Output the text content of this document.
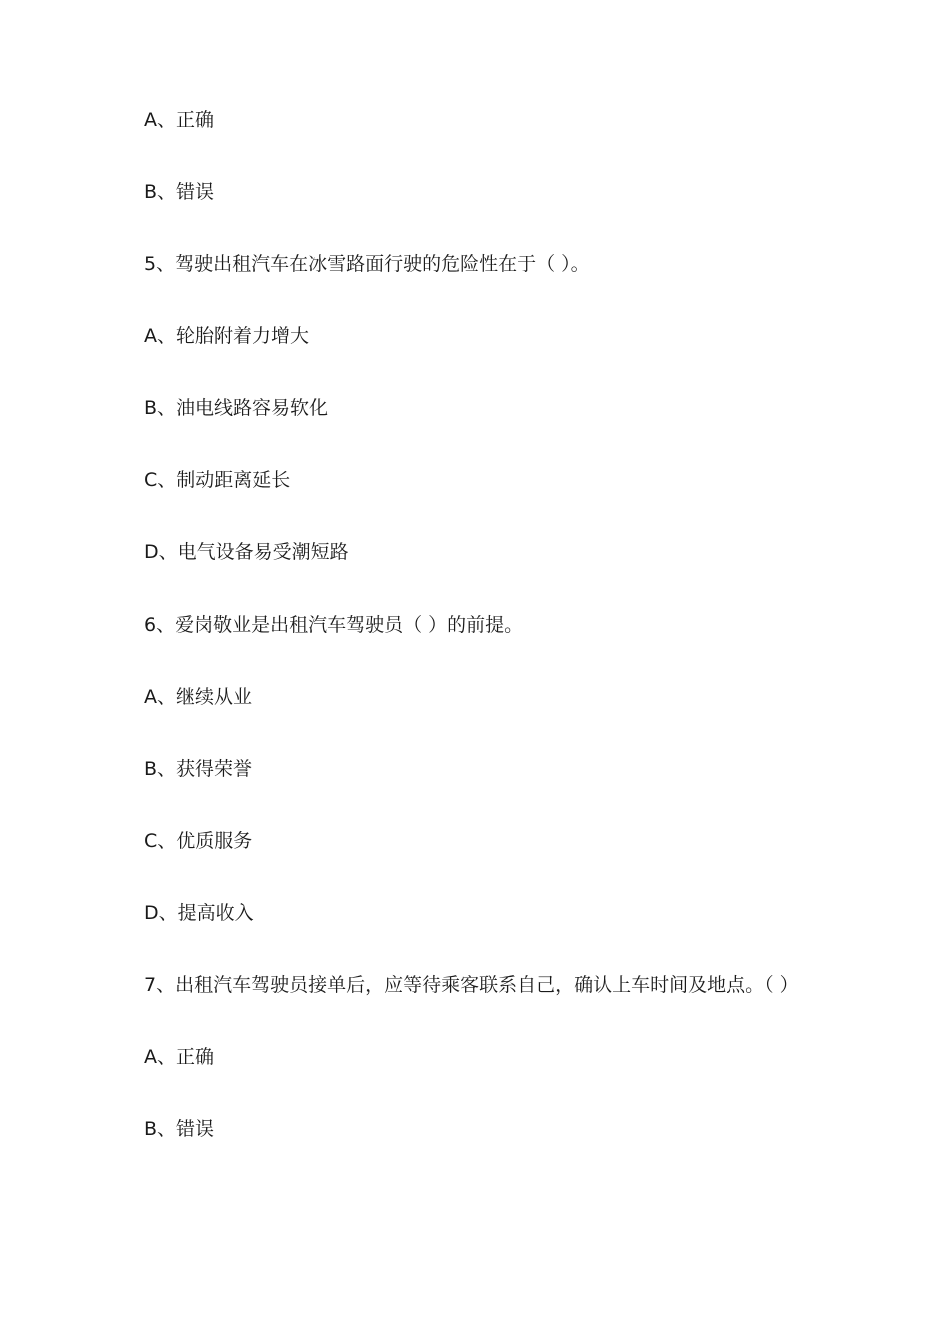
A、正确
B、错误
5、驾驶出租汽车在冰雪路面行驶的危险性在于（ ）。
A、轮胎附着力增大
B、油电线路容易软化
C、制动距离延长
D、电气设备易受潮短路
6、爱岗敬业是出租汽车驾驶员（ ）的前提。
A、继续从业
B、获得荣誉
C、优质服务
D、提高收入
7、出租汽车驾驶员接单后，应等待乘客联系自己，确认上车时间及地点。（ ）
A、正确
B、错误
